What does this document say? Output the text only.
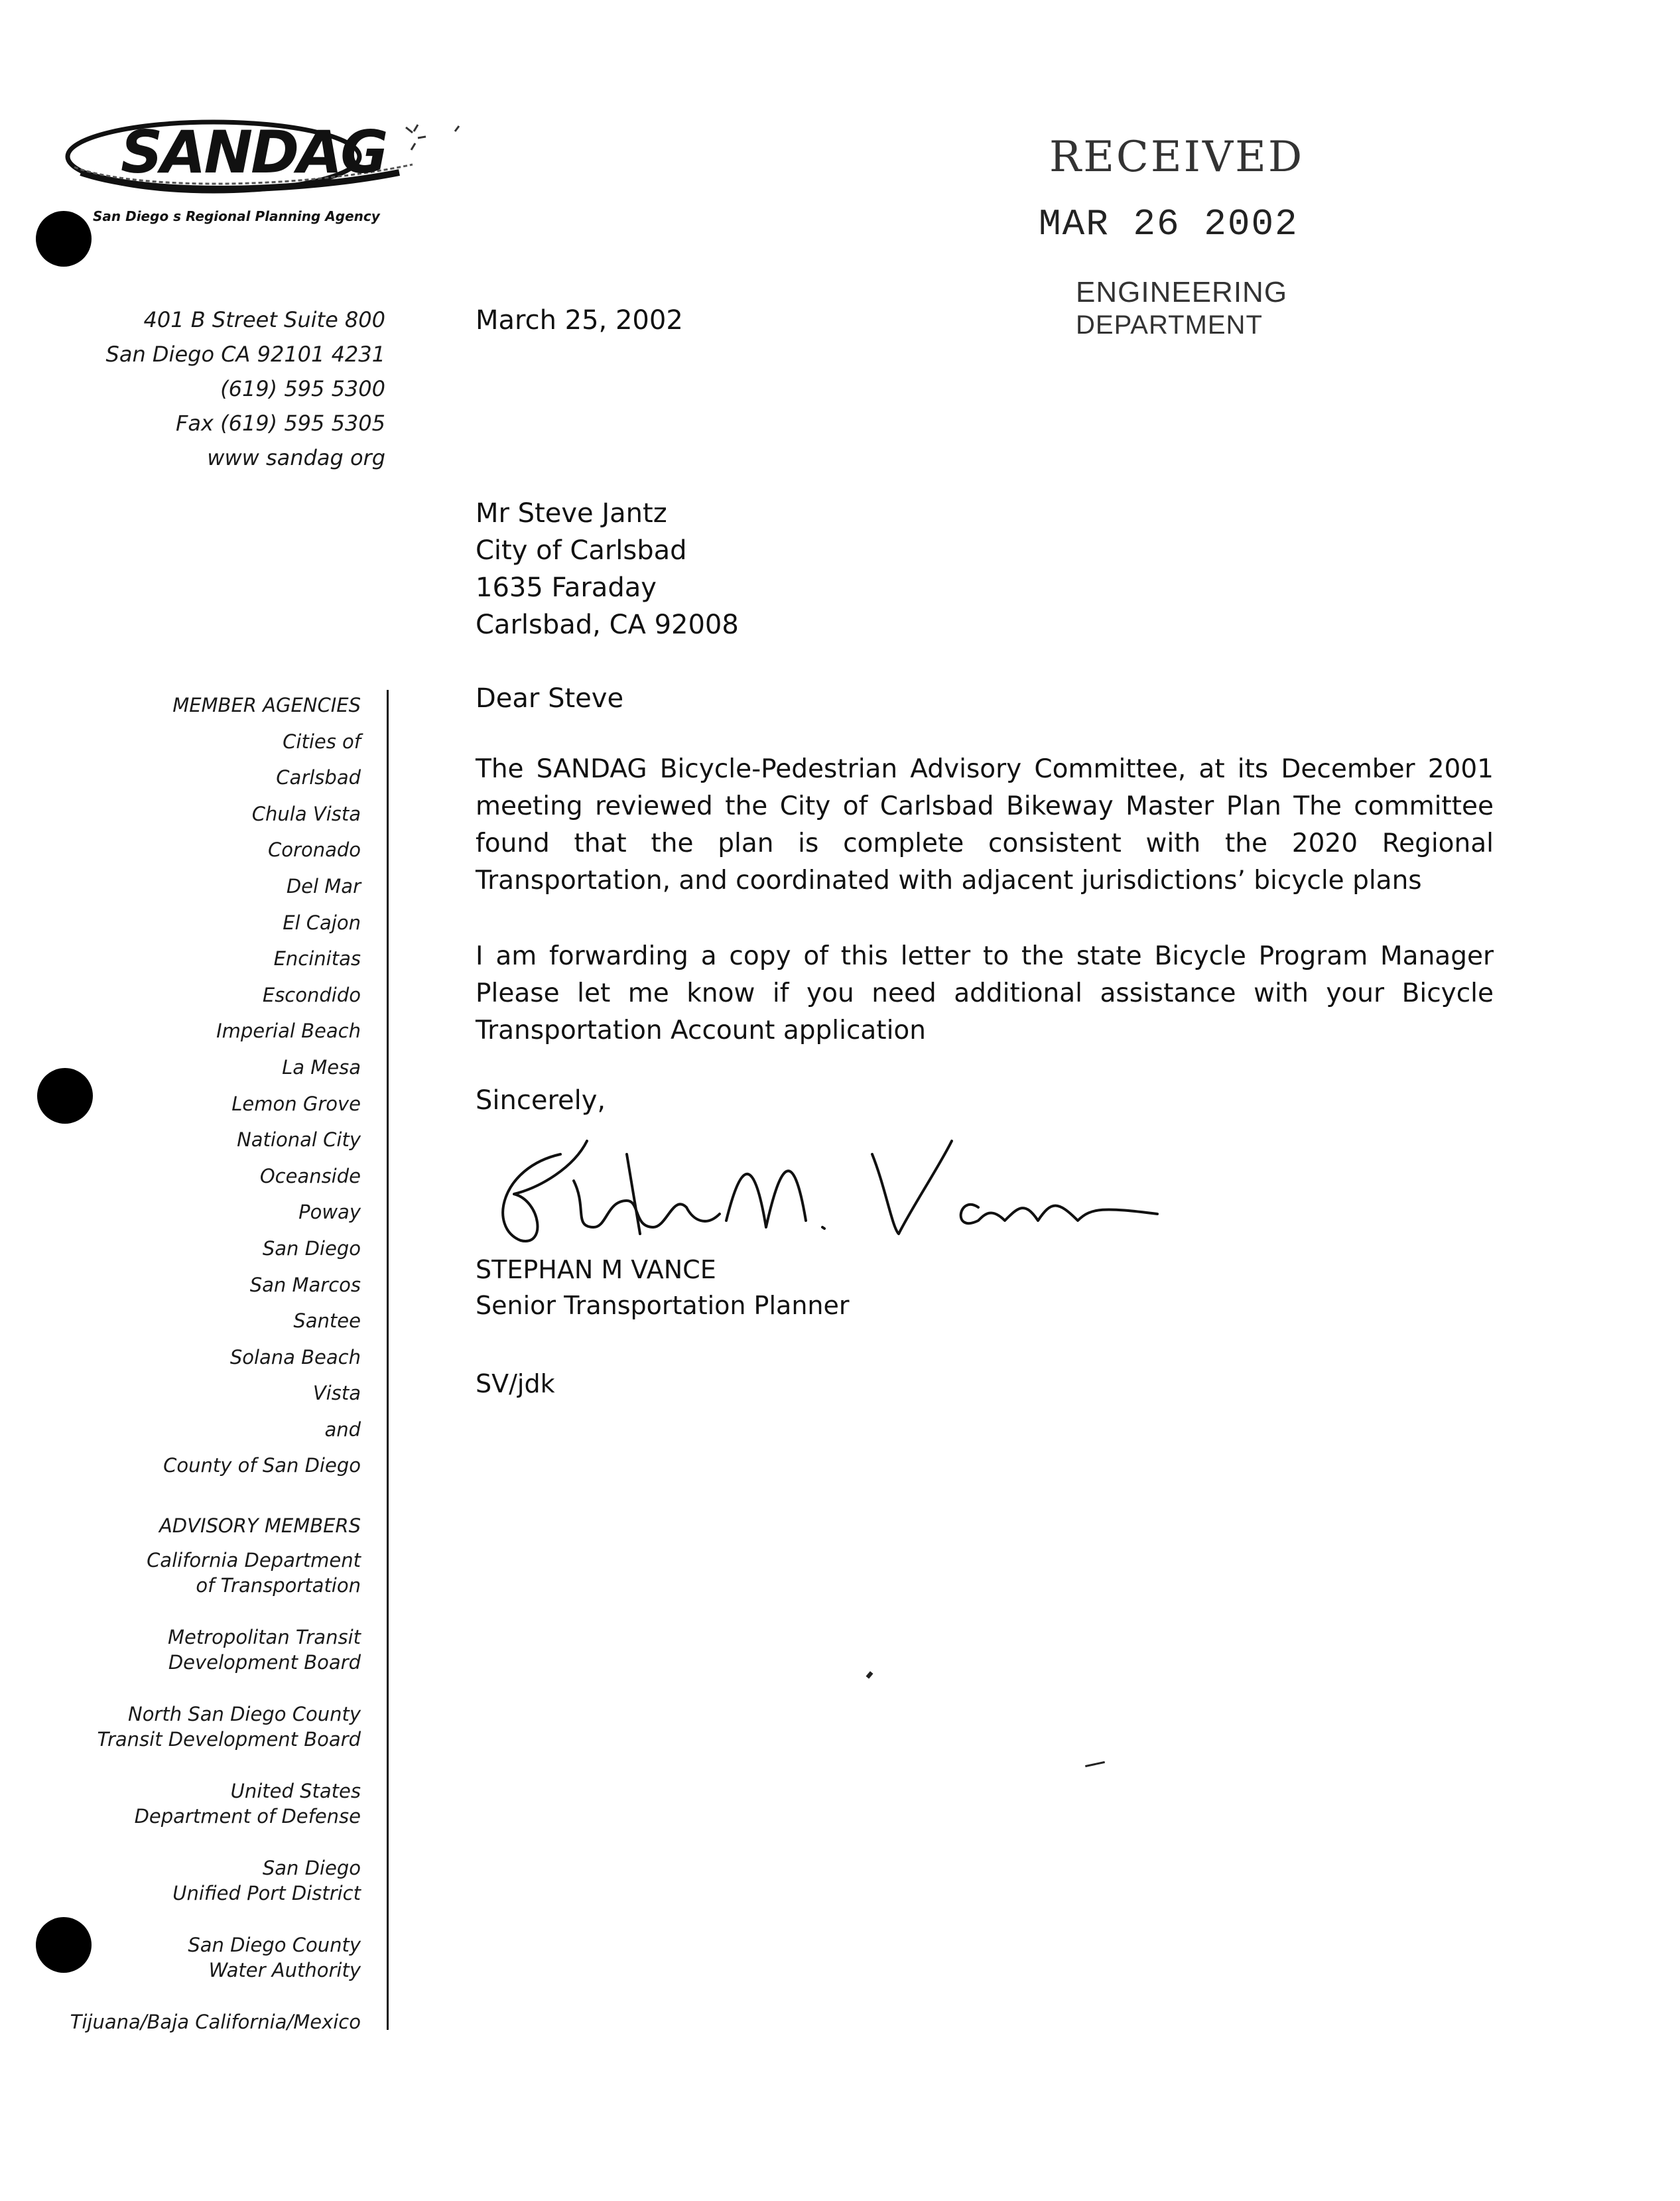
SANDAG
San Diego s Regional Planning Agency
RECEIVED
MAR 26 2002
ENGINEERING
DEPARTMENT
401 B Street Suite 800
San Diego CA 92101 4231
(619) 595 5300
Fax (619) 595 5305
www sandag org
MEMBER AGENCIES
Cities of
Carlsbad
Chula Vista
Coronado
Del Mar
El Cajon
Encinitas
Escondido
Imperial Beach
La Mesa
Lemon Grove
National City
Oceanside
Poway
San Diego
San Marcos
Santee
Solana Beach
Vista
and
County of San Diego
ADVISORY MEMBERS
California Department
of Transportation
Metropolitan Transit
Development Board
North San Diego County
Transit Development Board
United States
Department of Defense
San Diego
Unified Port District
San Diego County
Water Authority
Tijuana/Baja California/Mexico
March 25, 2002
Mr Steve Jantz
City of Carlsbad
1635 Faraday
Carlsbad, CA 92008
Dear Steve
The SANDAG Bicycle-Pedestrian Advisory Committee, at its December 2001 meeting reviewed the City of Carlsbad Bikeway Master Plan The committee found that the plan is complete consistent with the 2020 Regional Transportation, and coordinated with adjacent jurisdictions’ bicycle plans
I am forwarding a copy of this letter to the state Bicycle Program Manager Please let me know if you need additional assistance with your Bicycle Transportation Account application
Sincerely,
STEPHAN M VANCE
Senior Transportation Planner
SV/jdk
